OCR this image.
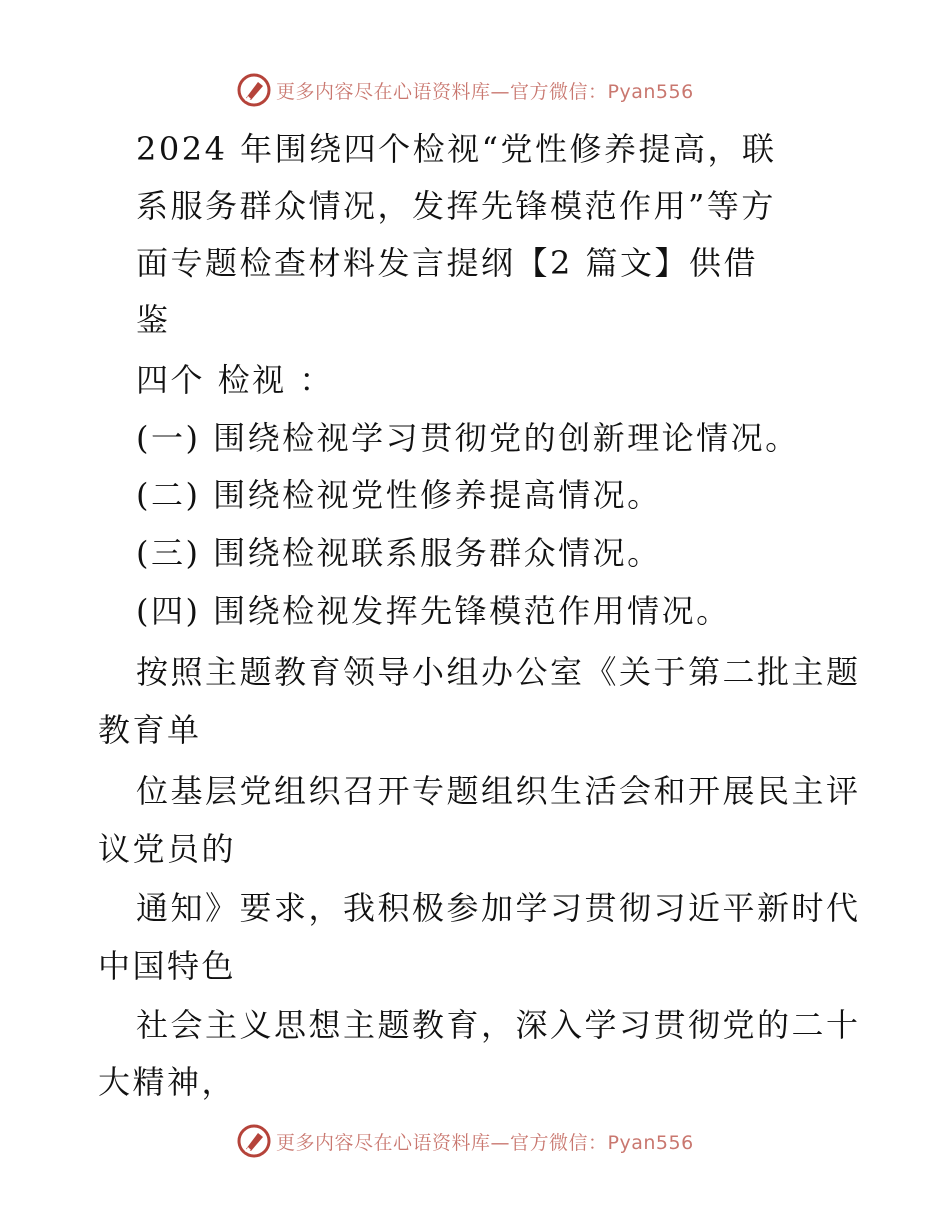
更多内容尽在心语资料库—官方微信：Pyan556
2024 年围绕四个检视“党性修养提高，联
系服务群众情况，发挥先锋模范作用”等方
面专题检查材料发言提纲【2 篇文】供借
鉴
四个 检视 ：
(一) 围绕检视学习贯彻党的创新理论情况。
(二) 围绕检视党性修养提高情况。
(三) 围绕检视联系服务群众情况。
(四) 围绕检视发挥先锋模范作用情况。
按照主题教育领导小组办公室《关于第二批主题
教育单
位基层党组织召开专题组织生活会和开展民主评
议党员的
通知》要求，我积极参加学习贯彻习近平新时代
中国特色
社会主义思想主题教育，深入学习贯彻党的二十
大精神，
更多内容尽在心语资料库—官方微信：Pyan556
